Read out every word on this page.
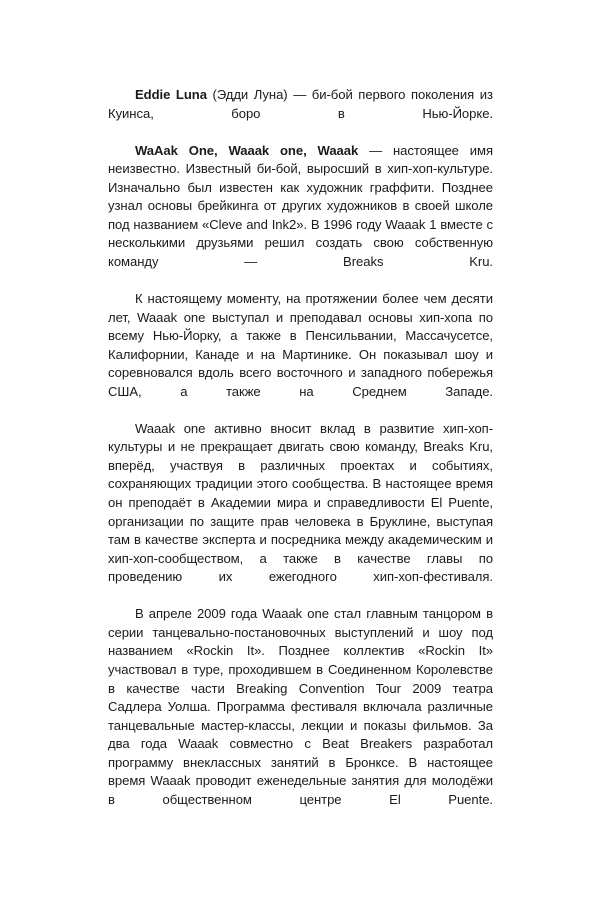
Eddie Luna (Эдди Луна) — би-бой первого поколения из Куинса, боро в Нью-Йорке.

WaAak One, Waaak one, Waaak — настоящее имя неизвестно. Известный би-бой, выросший в хип-хоп-культуре. Изначально был известен как художник граффити. Позднее узнал основы брейкинга от других художников в своей школе под названием «Cleve and Ink2». В 1996 году Waaak 1 вместе с несколькими друзьями решил создать свою собственную команду — Breaks Kru.

К настоящему моменту, на протяжении более чем десяти лет, Waaak one выступал и преподавал основы хип-хопа по всему Нью-Йорку, а также в Пенсильвании, Массачусетсе, Калифорнии, Канаде и на Мартинике. Он показывал шоу и соревновался вдоль всего восточного и западного побережья США, а также на Среднем Западе.

Waaak one активно вносит вклад в развитие хип-хоп-культуры и не прекращает двигать свою команду, Breaks Kru, вперёд, участвуя в различных проектах и событиях, сохраняющих традиции этого сообщества. В настоящее время он преподаёт в Академии мира и справедливости El Puente, организации по защите прав человека в Бруклине, выступая там в качестве эксперта и посредника между академическим и хип-хоп-сообществом, а также в качестве главы по проведению их ежегодного хип-хоп-фестиваля.

В апреле 2009 года Waaak one стал главным танцором в серии танцевально-постановочных выступлений и шоу под названием «Rockin It». Позднее коллектив «Rockin It» участвовал в туре, проходившем в Соединенном Королевстве в качестве части Breaking Convention Tour 2009 театра Садлера Уолша. Программа фестиваля включала различные танцевальные мастер-классы, лекции и показы фильмов. За два года Waaak совместно с Beat Breakers разработал программу внеклассных занятий в Бронксе. В настоящее время Waaak проводит еженедельные занятия для молодёжи в общественном центре El Puente.
